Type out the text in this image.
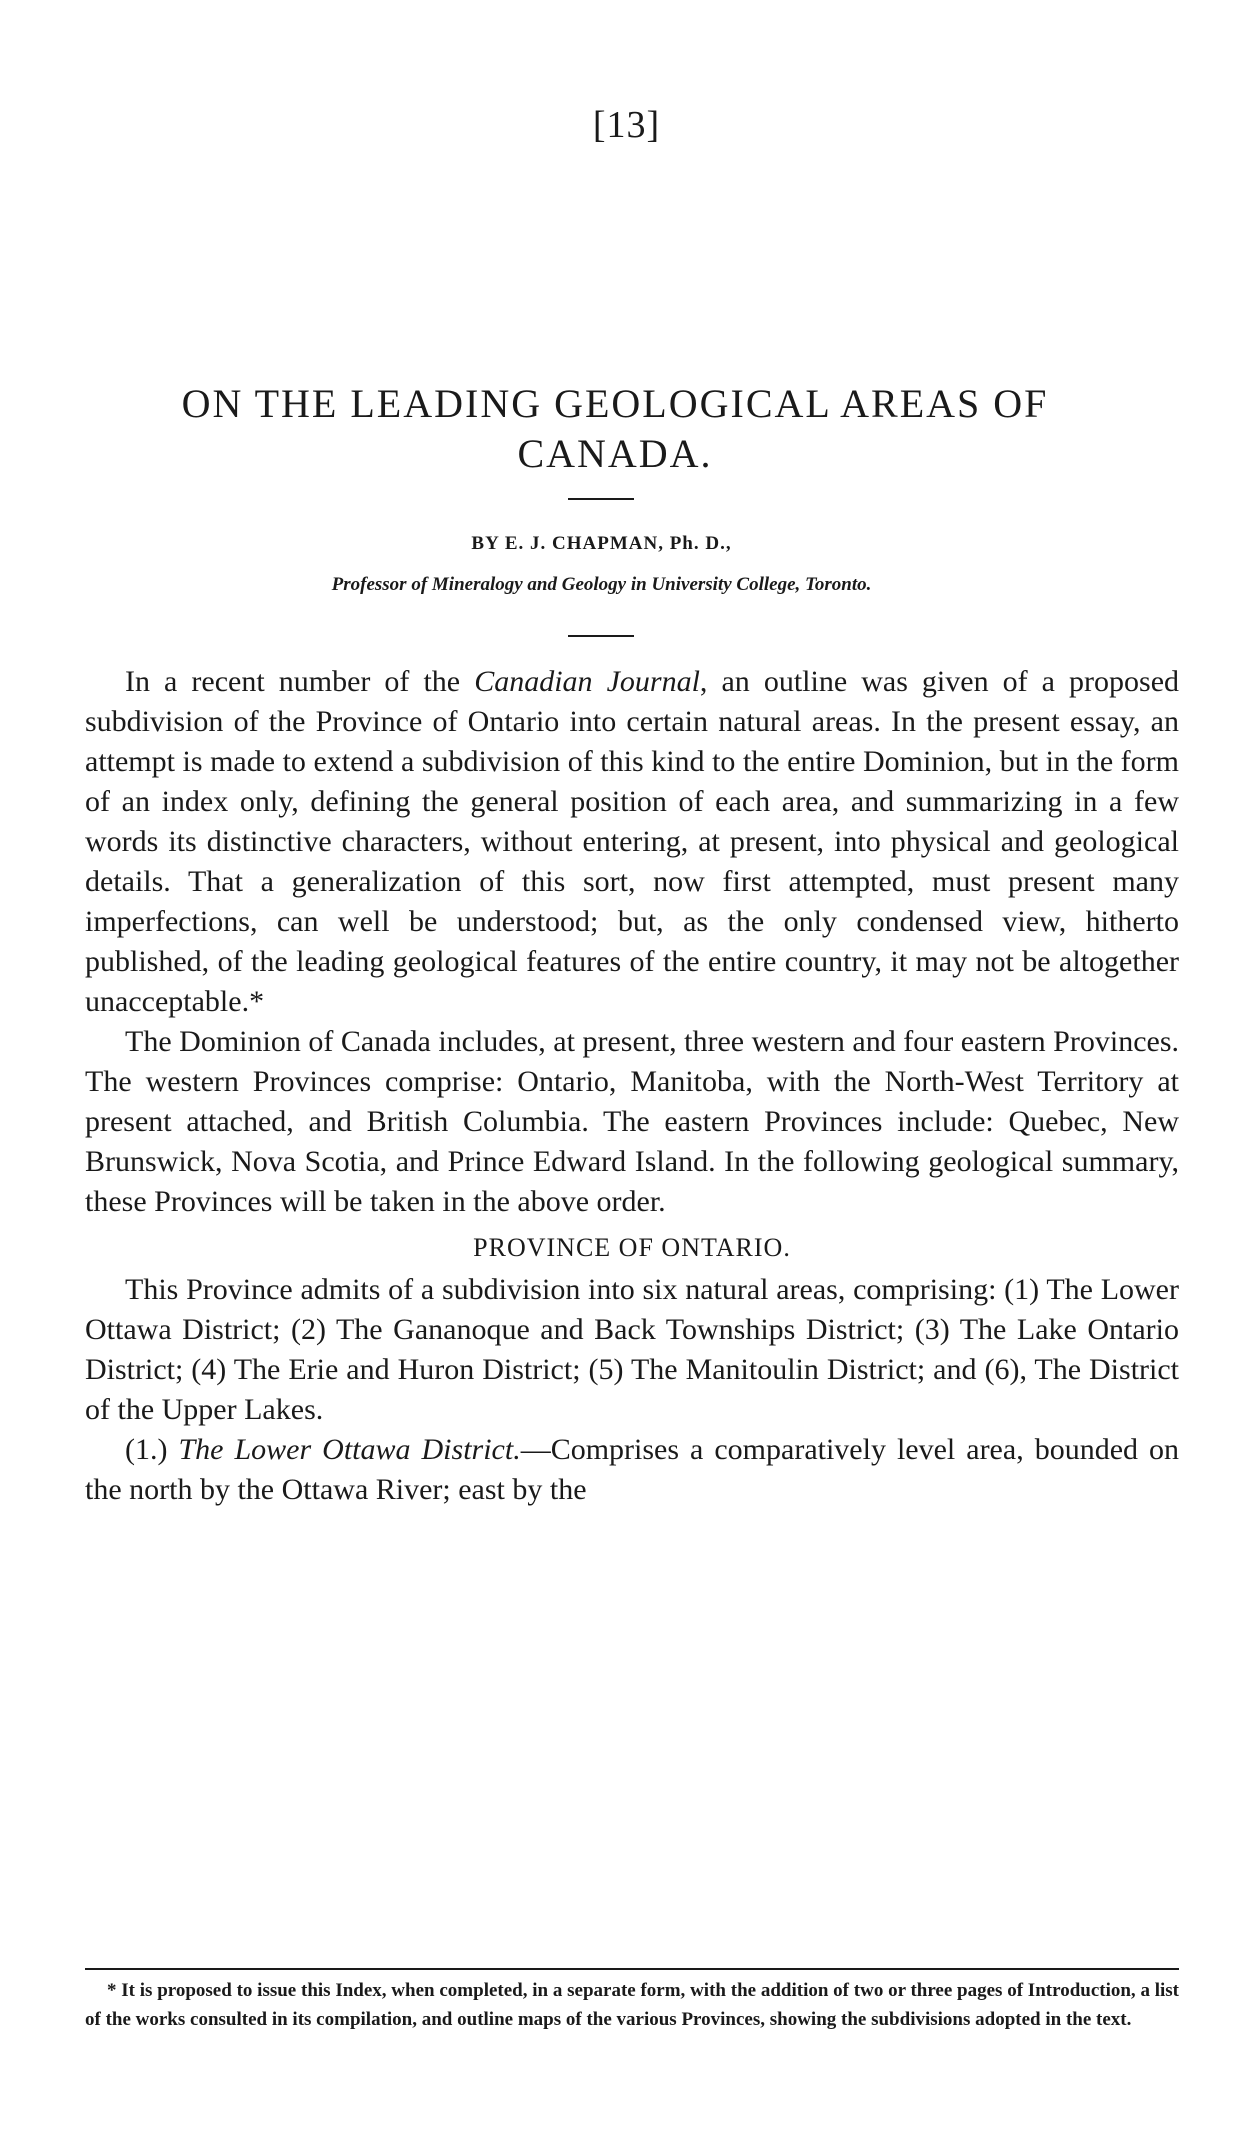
[13]
ON THE LEADING GEOLOGICAL AREAS OF
CANADA.
BY E. J. CHAPMAN, Ph. D.,
Professor of Mineralogy and Geology in University College, Toronto.

In a recent number of the Canadian Journal, an outline was given of a proposed subdivision of the Province of Ontario into certain natural areas. In the present essay, an attempt is made to extend a subdivision of this kind to the entire Dominion, but in the form of an index only, defining the general position of each area, and summarizing in a few words its distinctive characters, without entering, at present, into physical and geological details. That a generalization of this sort, now first attempted, must present many imperfections, can well be understood; but, as the only condensed view, hitherto published, of the leading geological features of the entire country, it may not be altogether unacceptable.*

The Dominion of Canada includes, at present, three western and four eastern Provinces. The western Provinces comprise: Ontario, Manitoba, with the North-West Territory at present attached, and British Columbia. The eastern Provinces include: Quebec, New Brunswick, Nova Scotia, and Prince Edward Island. In the following geological summary, these Provinces will be taken in the above order.

PROVINCE OF ONTARIO.

This Province admits of a subdivision into six natural areas, comprising: (1) The Lower Ottawa District; (2) The Gananoque and Back Townships District; (3) The Lake Ontario District; (4) The Erie and Huron District; (5) The Manitoulin District; and (6), The District of the Upper Lakes.

(1.) The Lower Ottawa District.—Comprises a comparatively level area, bounded on the north by the Ottawa River; east by the

* It is proposed to issue this Index, when completed, in a separate form, with the addition of two or three pages of Introduction, a list of the works consulted in its compilation, and outline maps of the various Provinces, showing the subdivisions adopted in the text.
